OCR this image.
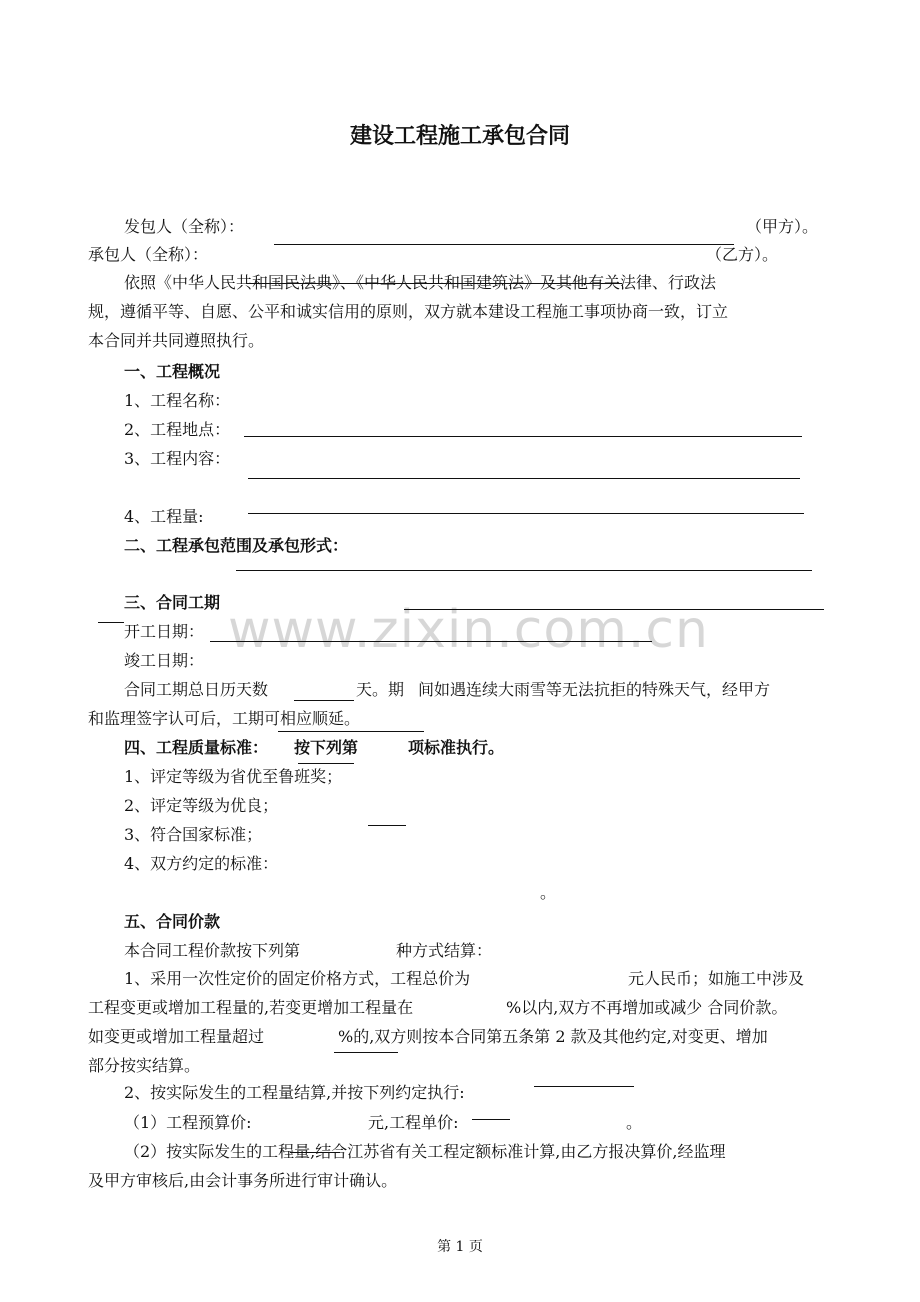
www.zixin.com.cn
建设工程施工承包合同
发包人（全称）：	（甲方）。
承包人（全称）：	（乙方）。
依照《中华人民共和国民法典》、《中华人民共和国建筑法》及其他有关法律、行政法
规，遵循平等、自愿、公平和诚实信用的原则，双方就本建设工程施工事项协商一致，订立
本合同并共同遵照执行。
一、工程概况
1、工程名称：
2、工程地点：
3、工程内容：
4、工程量:
二、工程承包范围及承包形式：
三、合同工期
开工日期：
竣工日期：
合同工期总日历天数	天。期 间如遇连续大雨雪等无法抗拒的特殊天气，经甲方
和监理签字认可后，工期可相应顺延。
四、工程质量标准： 按下列第	项标准执行。
1、评定等级为省优至鲁班奖；
2、评定等级为优良；
3、符合国家标准；
4、双方约定的标准：
。
五、合同价款
本合同工程价款按下列第	种方式结算：
1、采用一次性定价的固定价格方式，工程总价为	元人民币；如施工中涉及
工程变更或增加工程量的,若变更增加工程量在	%以内,双方不再增加或减少 合同价款。
如变更或增加工程量超过	%的,双方则按本合同第五条第 2 款及其他约定,对变更、增加
部分按实结算。
2、按实际发生的工程量结算,并按下列约定执行:
（1）工程预算价:	元,工程单价:	。
（2）按实际发生的工程量,结合江苏省有关工程定额标准计算,由乙方报决算价,经监理
及甲方审核后,由会计事务所进行审计确认。
第 1 页
